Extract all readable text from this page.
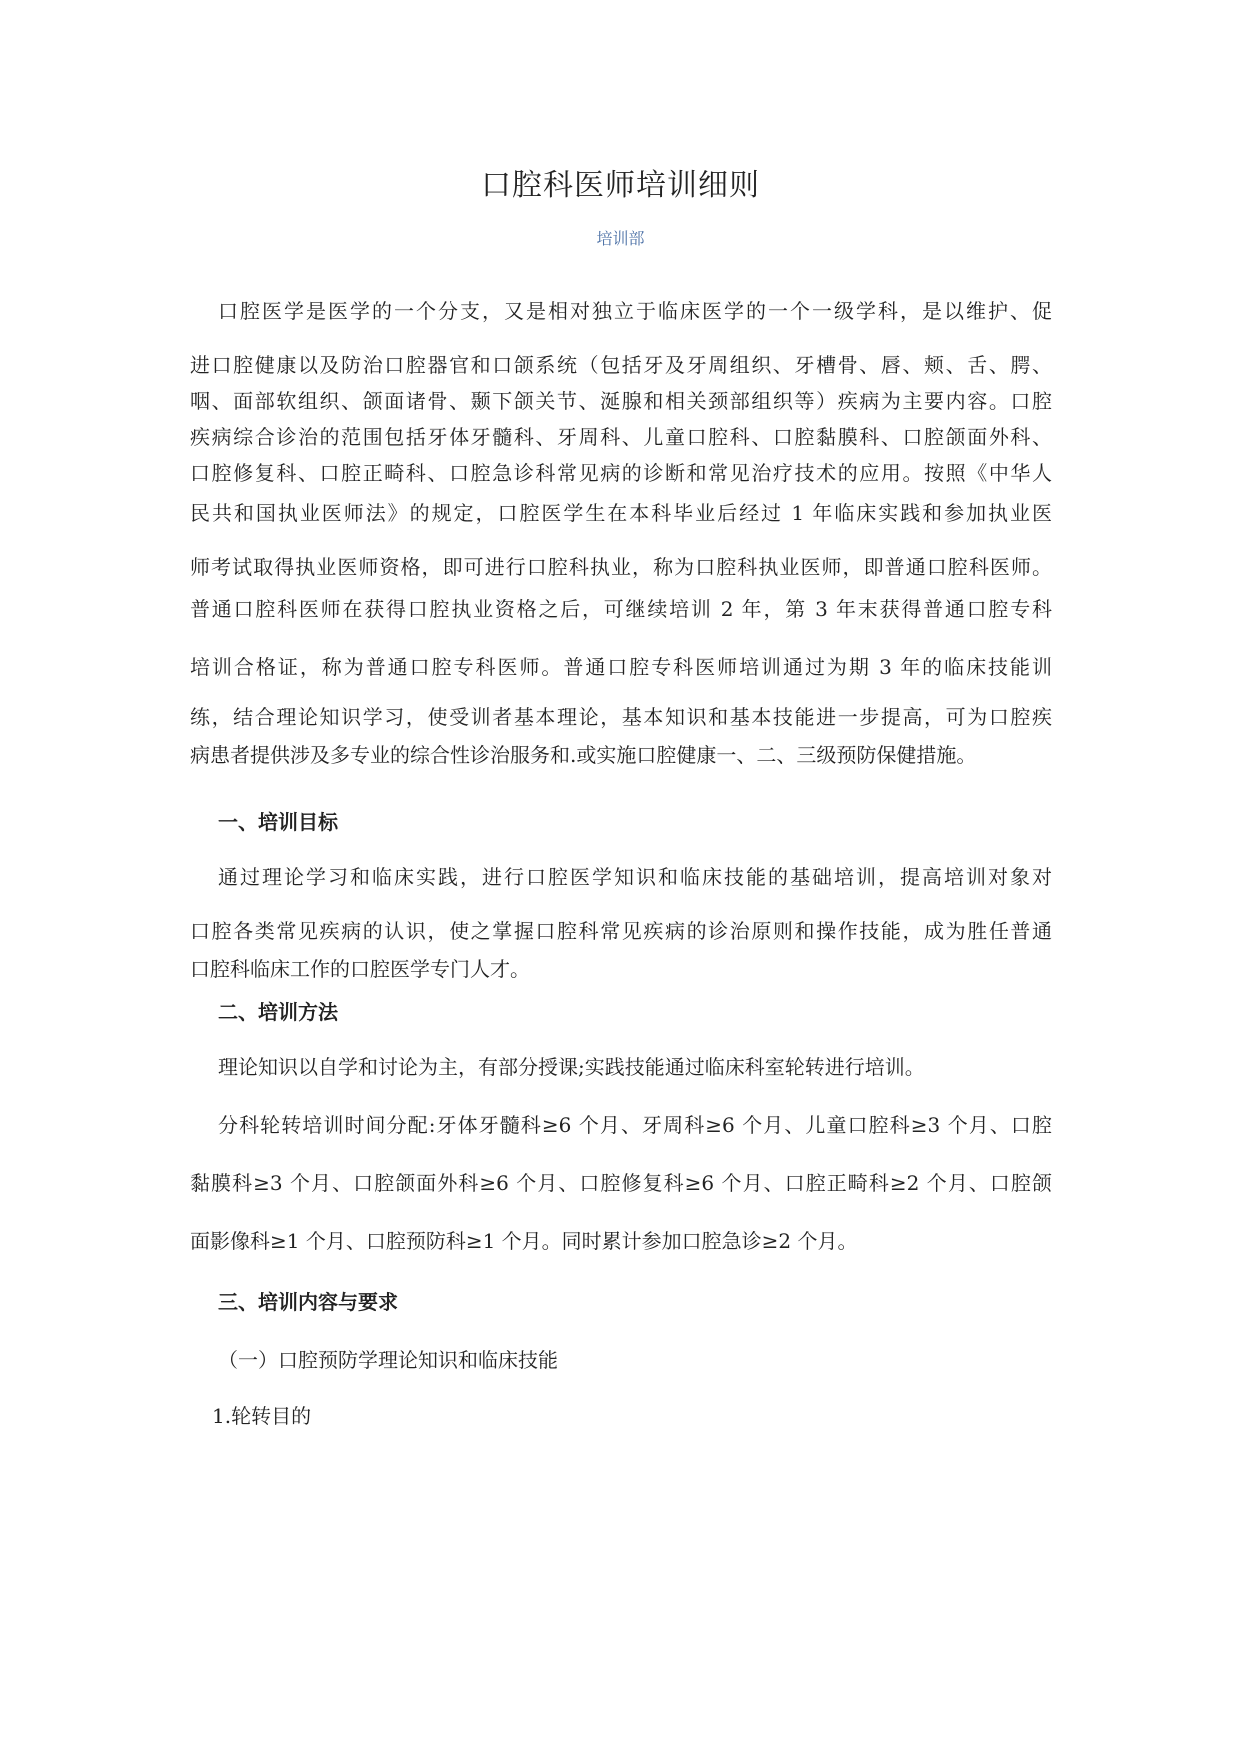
口腔科医师培训细则
培训部
口腔医学是医学的一个分支，又是相对独立于临床医学的一个一级学科，是以维护、促
进口腔健康以及防治口腔器官和口颌系统（包括牙及牙周组织、牙槽骨、唇、颊、舌、腭、
咽、面部软组织、颌面诸骨、颞下颌关节、涎腺和相关颈部组织等）疾病为主要内容。口腔
疾病综合诊治的范围包括牙体牙髓科、牙周科、儿童口腔科、口腔黏膜科、口腔颌面外科、
口腔修复科、口腔正畸科、口腔急诊科常见病的诊断和常见治疗技术的应用。按照《中华人
民共和国执业医师法》的规定，口腔医学生在本科毕业后经过 1 年临床实践和参加执业医
师考试取得执业医师资格，即可进行口腔科执业，称为口腔科执业医师，即普通口腔科医师。
普通口腔科医师在获得口腔执业资格之后，可继续培训 2 年，第 3 年末获得普通口腔专科
培训合格证，称为普通口腔专科医师。普通口腔专科医师培训通过为期 3 年的临床技能训
练，结合理论知识学习，使受训者基本理论，基本知识和基本技能进一步提高，可为口腔疾
病患者提供涉及多专业的综合性诊治服务和.或实施口腔健康一、二、三级预防保健措施。
一、培训目标
通过理论学习和临床实践，进行口腔医学知识和临床技能的基础培训，提高培训对象对
口腔各类常见疾病的认识，使之掌握口腔科常见疾病的诊治原则和操作技能，成为胜任普通
口腔科临床工作的口腔医学专门人才。
二、培训方法
理论知识以自学和讨论为主，有部分授课;实践技能通过临床科室轮转进行培训。
分科轮转培训时间分配:牙体牙髓科≥6 个月、牙周科≥6 个月、儿童口腔科≥3 个月、口腔
黏膜科≥3 个月、口腔颌面外科≥6 个月、口腔修复科≥6 个月、口腔正畸科≥2 个月、口腔颌
面影像科≥1 个月、口腔预防科≥1 个月。同时累计参加口腔急诊≥2 个月。
三、培训内容与要求
（一）口腔预防学理论知识和临床技能
1.轮转目的
